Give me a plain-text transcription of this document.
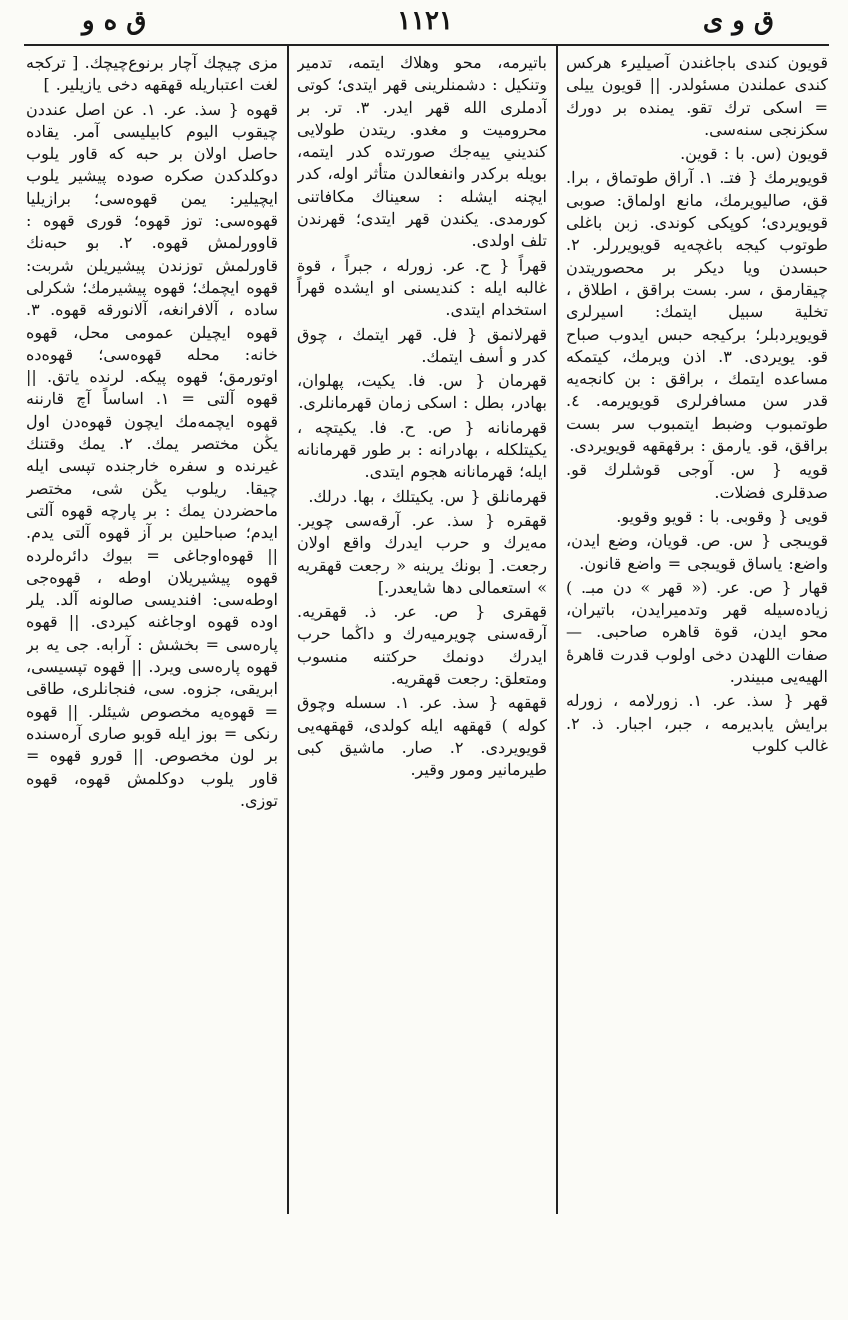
ق ه و	١١٢١	ق و ى

قويون كندى باجاغندن آصيليرء هركس كندى عملندن مسئولدر. || قويون ييلى = اسكى ترك تقو. يمنده بر دورك سكزنجى سنه‌سى.

قويون (س. با : قوين.

قويويرمك { فتـ. ١. آراق طوتماق ، برا. قق، صاليويرمك، مانع اولماق: صوبى قويويردى؛ كوپكى كوندى. زبن باغلى طوتوب كيجه باغچه‌يه قويويررلر. ٢. حبسدن ويا ديكر بر محصوريتدن چيقارمق ، سر. بست براقق ، اطلاق ، تخلية سبيل ايتمك: اسيرلرى قويويردبلر؛ بركيجه حبس ايدوب صباح قو. يويردى. ٣. اذن ويرمك، كيتمكه مساعده ايتمك ، براقق : بن كانجه‌يه قدر سن مسافرلرى قويويرمه. ٤. طوتمبوب وضبط ايتمبوب سر بست براقق، قو. يارمق : برقهقهه قويويردى.

قويه { س. آوجى قوشلرك قو. صدقلرى فضلات.

قويى { وقوبى. با : قويو وقويو.

قويىجى { س. ص. قويان، وضع ايدن، واضع: ياساق قويىجى = واضع قانون.

قهار { ص. عر. (« قهر » دن‌ مبـ. ) زياده‌سيله قهر وتدميرايدن، باتيران، محو ايدن، قوة قاهره صاحبى. — صفات اللهدن دخى اولوب قدرت قاهرۀ الهيه‌يى مبيندر.

قهر { سذ. عر. ١. زورلامه ، زورله برايش يابديرمه ، جبر، اجبار. ذ. ٢. غالب كلوب

باتيرمه، محو وهلاك ايتمه، تدمير وتنكيل : دشمنلرينى قهر ايتدى؛ كوتى آدملرى الله قهر ايدر. ٣. تر. بر محروميت و مغدو. ريتدن طولايى كنديني ييه‌جك صورتده كدر ايتمه، بويله بركدر وانفعالدن متأثر اوله، كدر ايچنه ايشله : سعيناك مكافاتنى كورمدى. يكندن قهر ايتدى؛ قهرندن تلف اولدى.

قهراً { ح. عر. زورله ، جبراً ، قوة غالبه ايله : كنديسنى او ايشده قهراً استخدام ايتدى.

قهرلانمق { فل. قهر ايتمك ، چوق كدر و أسف ايتمك.

قهرمان { س. فا. يكيت، پهلوان، بهادر، بطل : اسكى زمان قهرمانلرى.

قهرمانانه { ص. ح. فا. يكيتچه ، يكيتلكله ، بهادرانه : بر طور قهرمانانه ايله؛ قهرمانانه هجوم ايتدى.

قهرمانلق { س. يكيتلك ، بها. درلك.

قهقره { سذ. عر. آرقه‌سى چوير. مه‌يرك و حرب ايدرك واقع اولان رجعت. [ بونك يرينه « رجعت قهقريه » استعمالى دها شايعدر.]

قهقرى { ص. عر. ذ. قهقريه. آرقه‌سنى چويرميه‌رك و داڭما حرب ايدرك دونمك حركتنه منسوب ومتعلق: رجعت قهقريه.

قهقهه { سذ. عر. ١. سسله وچوق كوله ) قهقهه ايله كولدى، قهقهه‌يى قويويردى. ٢. صار. ماشيق كبى طيرمانير ومور وقير.

مزى چيچك آچار برنوع‌چيچك. [ تركجه لغت اعتباريله قهقهه دخى يازيلير. ]

قهوه { سذ. عر. ١. عن اصل عنددن چيقوب اليوم كابيليسى آمر. يقاده حاصل اولان بر حبه كه قاور يلوب دوكلدكدن صكره صوده پيشير يلوب ايچيلير: يمن قهوه‌سى؛ برازيليا قهوه‌سى: توز قهوه؛ قورى قهوه : قاوورلمش قهوه. ٢. بو حبه‌نك قاورلمش توزندن پيشيريلن شربت: قهوه ايچمك؛ قهوه پيشيرمك؛ شكرلى ساده ، آلافرانغه، آلانورقه قهوه. ٣. قهوه ايچيلن عمومى محل، قهوه خانه: محله قهوه‌سى؛ قهوه‌ده اوتورمق؛ قهوه پيكه. لرنده ياتق. || قهوه آلتى = ١. اساساً آچ قارننه قهوه ايچمه‌مك ايچون قهوه‌دن اول يڭن مختصر يمك. ٢. يمك وقتنك غيرنده و سفره خارجنده تپسى ايله چيقا. ريلوب يڭن شى، مختصر ماحضردن يمك : بر پارچه قهوه آلتى ايدم؛ صباحلين بر آز قهوه آلتى يدم. || قهوه‌اوجاغى = بيوك دائره‌لرده قهوه پيشيريلان اوطه ، قهوه‌جى اوطه‌سى: افنديسى صالونه آلد. يلر اوده قهوه اوجاغنه كيردى. || قهوه پاره‌سى = بخشش : آرابه. جى يه بر قهوه پاره‌سى ويرد. || قهوه تپسيسى، ابريقى، جزوه. سى، فنجانلرى، طاقى = قهوه‌يه مخصوص شيئلر. || قهوه رنكى = بوز ايله قوبو صارى آره‌سنده بر لون مخصوص. || قورو قهوه = قاور يلوب دوكلمش قهوه، قهوه توزى.
